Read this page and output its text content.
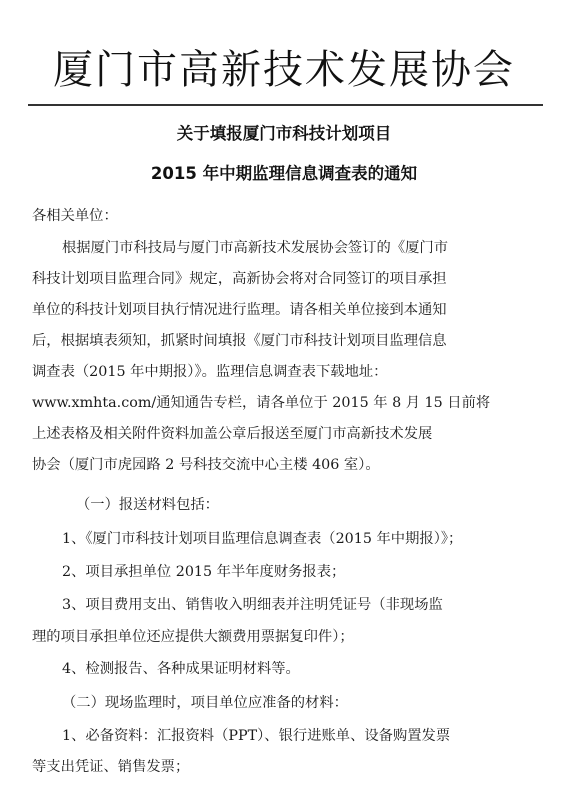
厦门市高新技术发展协会
关于填报厦门市科技计划项目
2015 年中期监理信息调查表的通知
各相关单位：
根据厦门市科技局与厦门市高新技术发展协会签订的《厦门市
科技计划项目监理合同》规定，高新协会将对合同签订的项目承担
单位的科技计划项目执行情况进行监理。请各相关单位接到本通知
后，根据填表须知，抓紧时间填报《厦门市科技计划项目监理信息
调查表（2015 年中期报）》。监理信息调查表下载地址：
www.xmhta.com/通知通告专栏，请各单位于 2015 年 8 月 15 日前将
上述表格及相关附件资料加盖公章后报送至厦门市高新技术发展
协会（厦门市虎园路 2 号科技交流中心主楼 406 室）。
（一）报送材料包括：
1、《厦门市科技计划项目监理信息调查表（2015 年中期报）》；
2、项目承担单位 2015 年半年度财务报表；
3、项目费用支出、销售收入明细表并注明凭证号（非现场监
理的项目承担单位还应提供大额费用票据复印件）；
4、检测报告、各种成果证明材料等。
（二）现场监理时，项目单位应准备的材料：
1、必备资料：汇报资料（PPT）、银行进账单、设备购置发票
等支出凭证、销售发票；
